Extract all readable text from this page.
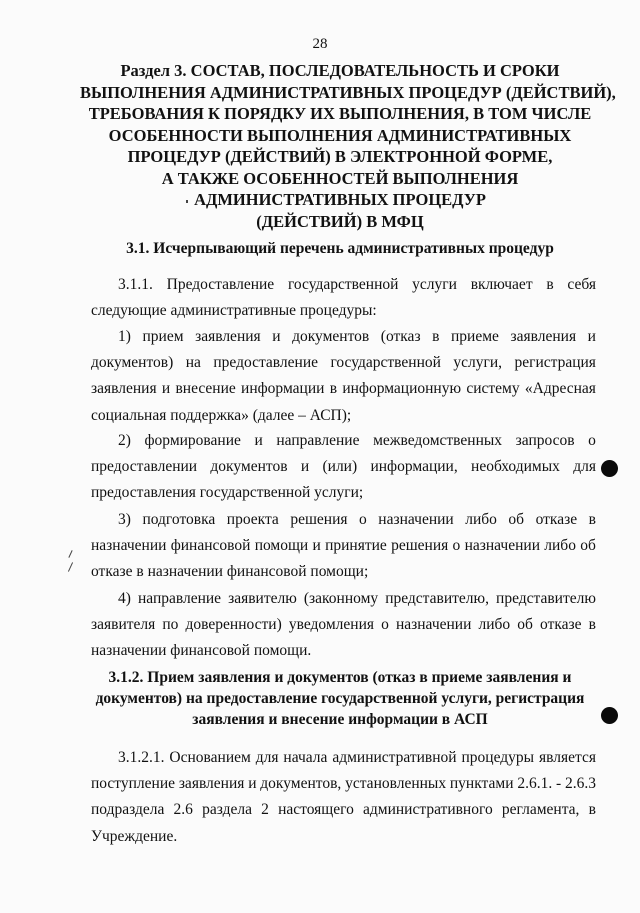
28
Раздел 3. СОСТАВ, ПОСЛЕДОВАТЕЛЬНОСТЬ И СРОКИ
ВЫПОЛНЕНИЯ АДМИНИСТРАТИВНЫХ ПРОЦЕДУР (ДЕЙСТВИЙ),
ТРЕБОВАНИЯ К ПОРЯДКУ ИХ ВЫПОЛНЕНИЯ, В ТОМ ЧИСЛЕ
ОСОБЕННОСТИ ВЫПОЛНЕНИЯ АДМИНИСТРАТИВНЫХ
ПРОЦЕДУР (ДЕЙСТВИЙ) В ЭЛЕКТРОННОЙ ФОРМЕ,
А ТАКЖЕ ОСОБЕННОСТЕЙ ВЫПОЛНЕНИЯ
АДМИНИСТРАТИВНЫХ ПРОЦЕДУР
(ДЕЙСТВИЙ) В МФЦ
3.1. Исчерпывающий перечень административных процедур
3.1.1. Предоставление государственной услуги включает в себя
следующие административные процедуры:
1) прием заявления и документов (отказ в приеме заявления и
документов) на предоставление государственной услуги, регистрация
заявления и внесение информации в информационную систему «Адресная
социальная поддержка» (далее – АСП);
2) формирование и направление межведомственных запросов о
предоставлении документов и (или) информации, необходимых для
предоставления государственной услуги;
3) подготовка проекта решения о назначении либо об отказе в
назначении финансовой помощи и принятие решения о назначении либо об
отказе в назначении финансовой помощи;
4) направление заявителю (законному представителю, представителю
заявителя по доверенности) уведомления о назначении либо об отказе в
назначении финансовой помощи.
3.1.2. Прием заявления и документов (отказ в приеме заявления и
документов) на предоставление государственной услуги, регистрация
заявления и внесение информации в АСП
3.1.2.1. Основанием для начала административной процедуры является
поступление заявления и документов, установленных пунктами 2.6.1. - 2.6.3
подраздела 2.6 раздела 2 настоящего административного регламента, в
Учреждение.
